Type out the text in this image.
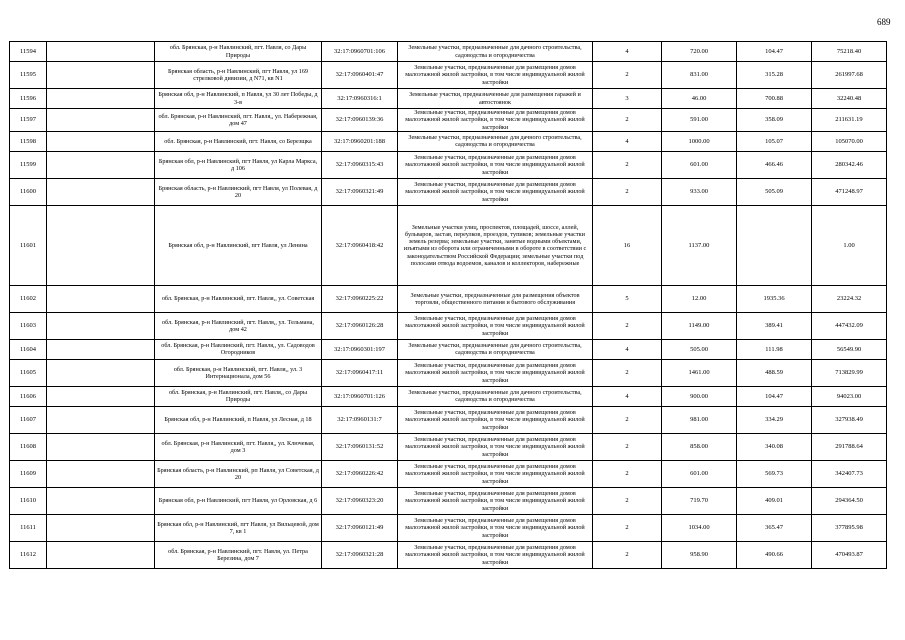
689
11594		обл. Брянская, р-н Навлинский, пгт. Навля, со Дары Природы	32:17:0960701:106	Земельные участки, предназначенные для дачного строительства, садоводства и огородничества	4	720.00	104.47	75218.40
11595		Брянская область, р-н Навлинский, пгт Навля, ул 169 стрелковой дивизии, д N71, кв N1	32:17:0960401:47	Земельные участки, предназначенные для размещения домов малоэтажной жилой застройки, в том числе индивидуальной жилой застройки	2	831.00	315.28	261997.68
11596		Брянская обл, р-н Навлинский, п Навля, ул 30 лет Победы, д 3-в	32:17:0960316:1	Земельные участки, предназначенные для размещения гаражей и автостоянок	3	46.00	700.88	32240.48
11597		обл. Брянская, р-н Навлинский, пгт. Навля,, ул. Набережная, дом 47	32:17:0960139:36	Земельные участки, предназначенные для размещения домов малоэтажной жилой застройки, в том числе индивидуальной жилой застройки	2	591.00	358.09	211631.19
11598		обл. Брянская, р-н Навлинский, пгт. Навля, со Березщка	32:17:0960201:188	Земельные участки, предназначенные для дачного строительства, садоводства и огородничества	4	1000.00	105.07	105070.00
11599		Брянская обл, р-н Навлинский, пгт Навля, ул Карла Маркса, д 106	32:17:0960315:43	Земельные участки, предназначенные для размещения домов малоэтажной жилой застройки, в том числе индивидуальной жилой застройки	2	601.00	466.46	280342.46
11600		Брянская область, р-н Навлинский, пгт Навля, ул Полевая, д 20	32:17:0960321:49	Земельные участки, предназначенные для размещения домов малоэтажной жилой застройки, в том числе индивидуальной жилой застройки	2	933.00	505.09	471248.97
11601		Брянская обл, р-н Навлинский, пгт Навля, ул Ленина	32:17:0960418:42	Земельные участки улиц, проспектов, площадей, шоссе, аллей, бульваров, застав, переулков, проездов, тупиков; земельные участки земель резерва; земельные участки, занятые водными объектами, изъятыми из оборота или ограниченными в обороте в соответствии с законодательством Российской Федерации; земельные участки под полосами отвода водоемов, каналов и коллекторов, набережные	16	1137.00		1.00
11602		обл. Брянская, р-н Навлинский, пгт. Навля,, ул. Советская	32:17:0960225:22	Земельные участки, предназначенные для размещения объектов торговли, общественного питания и бытового обслуживания	5	12.00	1935.36	23224.32
11603		обл. Брянская, р-н Навлинский, пгт. Навля,, ул. Тельмана, дом 42	32:17:0960126:28	Земельные участки, предназначенные для размещения домов малоэтажной жилой застройки, в том числе индивидуальной жилой застройки	2	1149.00	389.41	447432.09
11604		обл. Брянская, р-н Навлинский, пгт. Навля,, ул. Садоводов Огородников	32:17:0960301:197	Земельные участки, предназначенные для дачного строительства, садоводства и огородничества	4	505.00	111.98	56549.90
11605		обл. Брянская, р-н Навлинский, пгт. Навля,, ул. 3 Интернационала, дом 56	32:17:0960417:11	Земельные участки, предназначенные для размещения домов малоэтажной жилой застройки, в том числе индивидуальной жилой застройки	2	1461.00	488.59	713829.99
11606		обл. Брянская, р-н Навлинский, пгт. Навля,, со Дары Природы	32:17:0960701:126	Земельные участки, предназначенные для дачного строительства, садоводства и огородничества	4	900.00	104.47	94023.00
11607		Брянская обл, р-н Навлинский, п Навля, ул Лесная, д 18	32:17:0960131:7	Земельные участки, предназначенные для размещения домов малоэтажной жилой застройки, в том числе индивидуальной жилой застройки	2	981.00	334.29	327938.49
11608		обл. Брянская, р-н Навлинский, пгт. Навля,, ул. Ключевая, дом 3	32:17:0960131:52	Земельные участки, предназначенные для размещения домов малоэтажной жилой застройки, в том числе индивидуальной жилой застройки	2	858.00	340.08	291788.64
11609		Брянская область, р-н Навлинский, рп Навля, ул Советская, д 20	32:17:0960226:42	Земельные участки, предназначенные для размещения домов малоэтажной жилой застройки, в том числе индивидуальной жилой застройки	2	601.00	569.73	342407.73
11610		Брянская обл, р-н Навлинский, пгт Навля, ул Орловская, д 6	32:17:0960323:20	Земельные участки, предназначенные для размещения домов малоэтажной жилой застройки, в том числе индивидуальной жилой застройки	2	719.70	409.01	294364.50
11611		Брянская обл, р-н Навлинский, пгт Навля, ул Вильцевой, дом 7, кв 1	32:17:0960121:49	Земельные участки, предназначенные для размещения домов малоэтажной жилой застройки, в том числе индивидуальной жилой застройки	2	1034.00	365.47	377895.98
11612		обл. Брянская, р-н Навлинский, пгт. Навля, ул. Петра Березина, дом 7	32:17:0960321:28	Земельные участки, предназначенные для размещения домов малоэтажной жилой застройки, в том числе индивидуальной жилой застройки	2	958.90	490.66	470493.87
